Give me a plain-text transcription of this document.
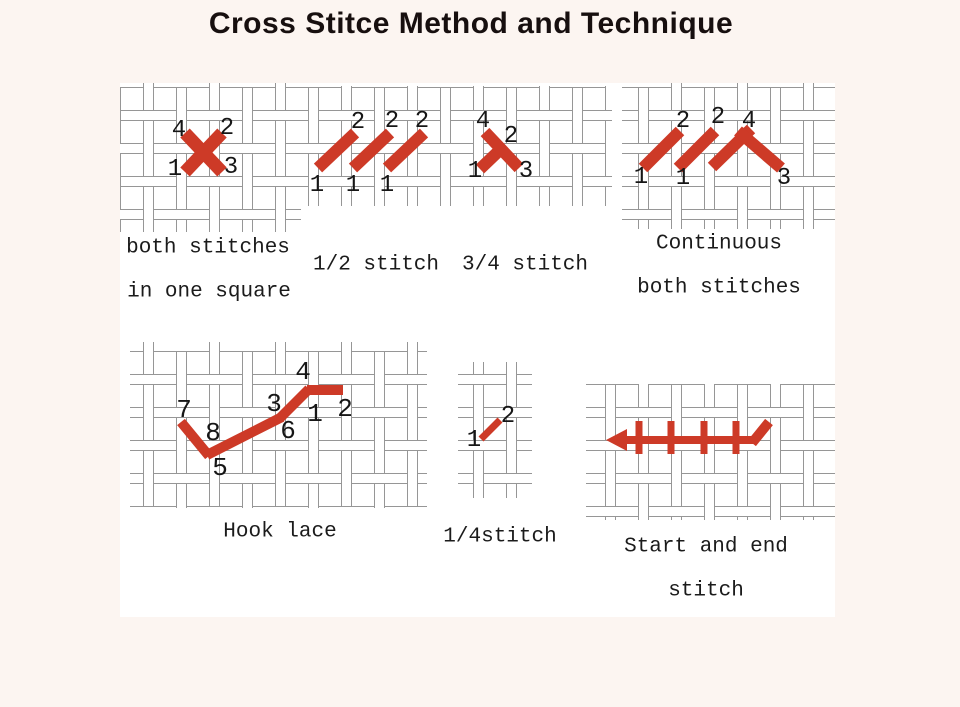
Cross Stitce Method and Technique
4 2
1 3
2 2 2
1 1 1
4
2
1 3
2 2 4
1 1	3
7
8
5
3
6
4
1 2
1
2
both stitches
in one square
1/2 stitch 3/4 stitch
Continuous
both stitches
Hook lace	1/4stitch	Start and end
stitch
